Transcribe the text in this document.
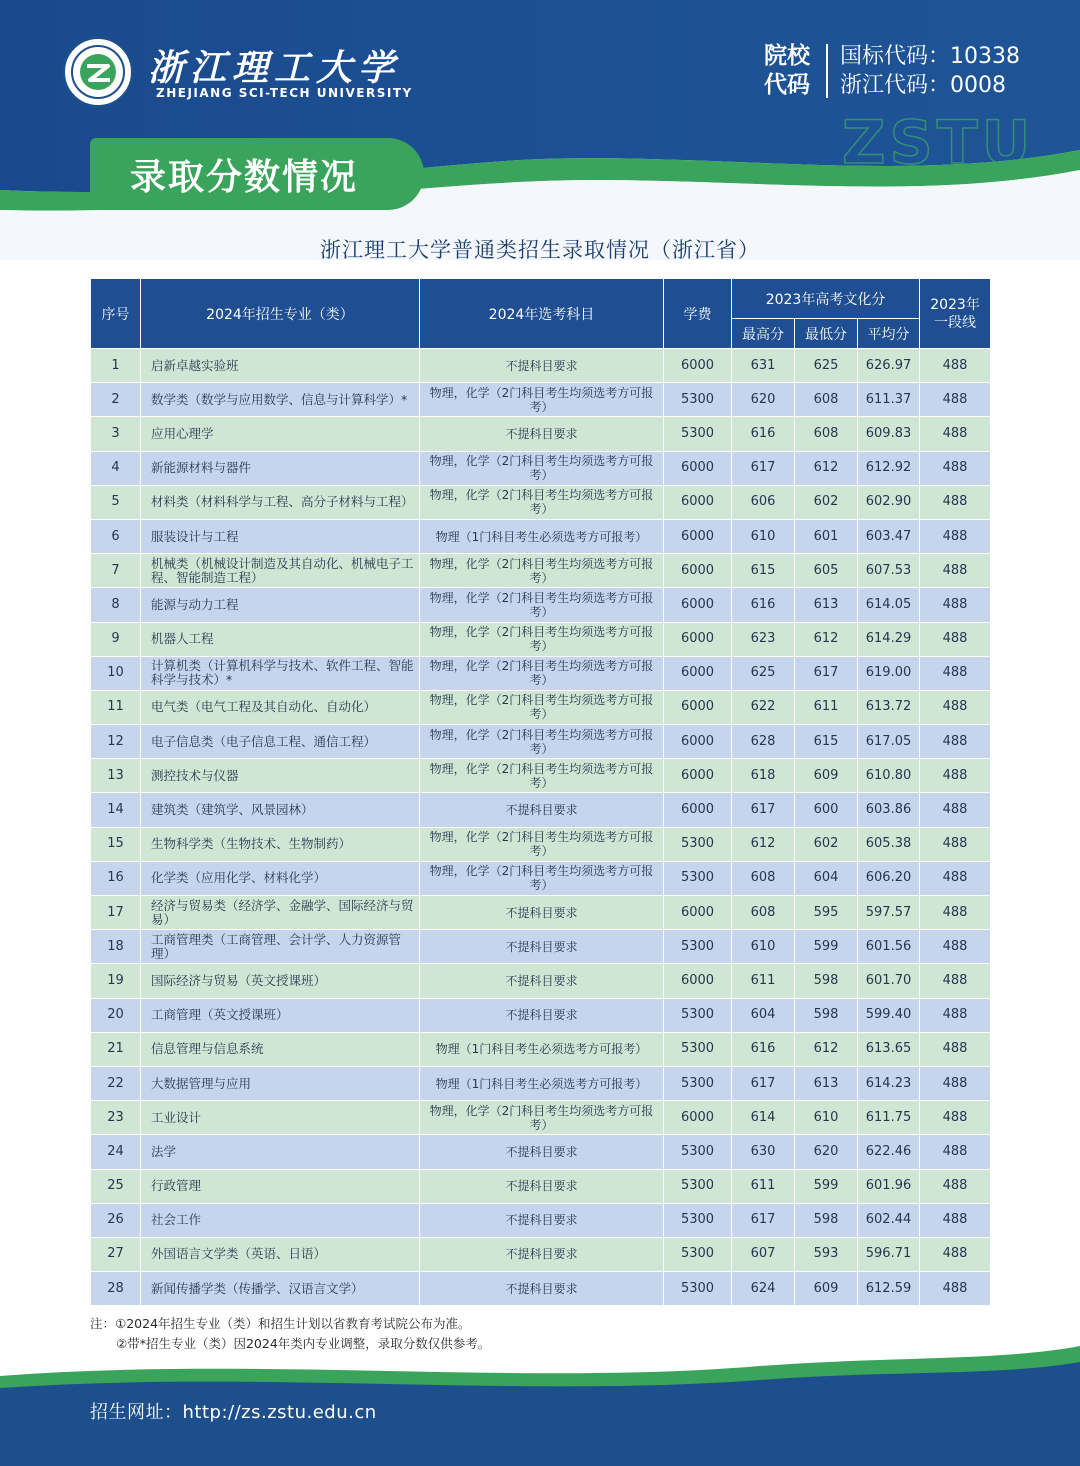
浙江理工大学
ZHEJIANG SCI-TECH UNIVERSITY
院校代码
国标代码：10338
浙江代码：0008
ZSTU
录取分数情况
浙江理工大学普通类招生录取情况（浙江省）
序号	2024年招生专业（类）	2024年选考科目	学费	2023年高考文化分			2023年一段线
				最高分	最低分	平均分	
1	启新卓越实验班	不提科目要求	6000	631	625	626.97	488
2	数学类（数学与应用数学、信息与计算科学）*	物理，化学（2门科目考生均须选考方可报考）	5300	620	608	611.37	488
3	应用心理学	不提科目要求	5300	616	608	609.83	488
4	新能源材料与器件	物理，化学（2门科目考生均须选考方可报考）	6000	617	612	612.92	488
5	材料类（材料科学与工程、高分子材料与工程）	物理，化学（2门科目考生均须选考方可报考）	6000	606	602	602.90	488
6	服装设计与工程	物理（1门科目考生必须选考方可报考）	6000	610	601	603.47	488
7	机械类（机械设计制造及其自动化、机械电子工程、智能制造工程）	物理，化学（2门科目考生均须选考方可报考）	6000	615	605	607.53	488
8	能源与动力工程	物理，化学（2门科目考生均须选考方可报考）	6000	616	613	614.05	488
9	机器人工程	物理，化学（2门科目考生均须选考方可报考）	6000	623	612	614.29	488
10	计算机类（计算机科学与技术、软件工程、智能科学与技术）*	物理，化学（2门科目考生均须选考方可报考）	6000	625	617	619.00	488
11	电气类（电气工程及其自动化、自动化）	物理，化学（2门科目考生均须选考方可报考）	6000	622	611	613.72	488
12	电子信息类（电子信息工程、通信工程）	物理，化学（2门科目考生均须选考方可报考）	6000	628	615	617.05	488
13	测控技术与仪器	物理，化学（2门科目考生均须选考方可报考）	6000	618	609	610.80	488
14	建筑类（建筑学、风景园林）	不提科目要求	6000	617	600	603.86	488
15	生物科学类（生物技术、生物制药）	物理，化学（2门科目考生均须选考方可报考）	5300	612	602	605.38	488
16	化学类（应用化学、材料化学）	物理，化学（2门科目考生均须选考方可报考）	5300	608	604	606.20	488
17	经济与贸易类（经济学、金融学、国际经济与贸易）	不提科目要求	6000	608	595	597.57	488
18	工商管理类（工商管理、会计学、人力资源管理）	不提科目要求	5300	610	599	601.56	488
19	国际经济与贸易（英文授课班）	不提科目要求	6000	611	598	601.70	488
20	工商管理（英文授课班）	不提科目要求	5300	604	598	599.40	488
21	信息管理与信息系统	物理（1门科目考生必须选考方可报考）	5300	616	612	613.65	488
22	大数据管理与应用	物理（1门科目考生必须选考方可报考）	5300	617	613	614.23	488
23	工业设计	物理，化学（2门科目考生均须选考方可报考）	6000	614	610	611.75	488
24	法学	不提科目要求	5300	630	620	622.46	488
25	行政管理	不提科目要求	5300	611	599	601.96	488
26	社会工作	不提科目要求	5300	617	598	602.44	488
27	外国语言文学类（英语、日语）	不提科目要求	5300	607	593	596.71	488
28	新闻传播学类（传播学、汉语言文学）	不提科目要求	5300	624	609	612.59	488
注：①2024年招生专业（类）和招生计划以省教育考试院公布为准。
②带*招生专业（类）因2024年类内专业调整，录取分数仅供参考。
招生网址：http://zs.zstu.edu.cn
